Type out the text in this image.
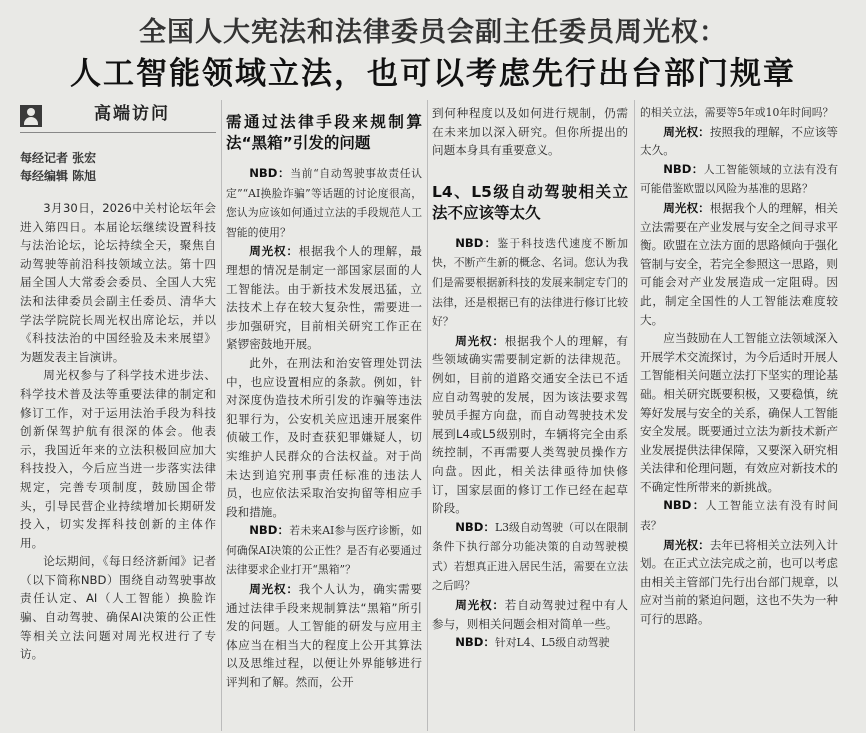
全国人大宪法和法律委员会副主任委员周光权：
人工智能领域立法，也可以考虑先行出台部门规章
高端访问
每经记者 张宏
每经编辑 陈旭

3月30日，2026中关村论坛年会进入第四日。本届论坛继续设置科技与法治论坛，论坛持续全天，聚焦自动驾驶等前沿科技领域立法。第十四届全国人大常委会委员、全国人大宪法和法律委员会副主任委员、清华大学法学院院长周光权出席论坛，并以《科技法治的中国经验及未来展望》为题发表主旨演讲。

周光权参与了科学技术进步法、科学技术普及法等重要法律的制定和修订工作，对于运用法治手段为科技创新保驾护航有很深的体会。他表示，我国近年来的立法积极回应加大科技投入，今后应当进一步落实法律规定，完善专项制度，鼓励国企带头，引导民营企业持续增加长期研发投入，切实发挥科技创新的主体作用。

论坛期间，《每日经济新闻》记者（以下简称NBD）围绕自动驾驶事故责任认定、AI（人工智能）换脸诈骗、自动驾驶、确保AI决策的公正性等相关立法问题对周光权进行了专访。

需通过法律手段来规制算法“黑箱”引发的问题

NBD：当前“自动驾驶事故责任认定”“AI换脸诈骗”等话题的讨论度很高，您认为应该如何通过立法的手段规范人工智能的使用？

周光权：根据我个人的理解，最理想的情况是制定一部国家层面的人工智能法。由于新技术发展迅猛，立法技术上存在较大复杂性，需要进一步加强研究，目前相关研究工作正在紧锣密鼓地开展。

此外，在刑法和治安管理处罚法中，也应设置相应的条款。例如，针对深度伪造技术所引发的诈骗等违法犯罪行为，公安机关应迅速开展案件侦破工作，及时查获犯罪嫌疑人，切实维护人民群众的合法权益。对于尚未达到追究刑事责任标准的违法人员，也应依法采取治安拘留等相应手段和措施。

NBD：若未来AI参与医疗诊断，如何确保AI决策的公正性？是否有必要通过法律要求企业打开“黑箱”？

周光权：我个人认为，确实需要通过法律手段来规制算法“黑箱”所引发的问题。人工智能的研发与应用主体应当在相当大的程度上公开其算法以及思维过程，以便让外界能够进行评判和了解。然而，公开

到何种程度以及如何进行规制，仍需在未来加以深入研究。但你所提出的问题本身具有重要意义。

L4、L5级自动驾驶相关立法不应该等太久

NBD：鉴于科技迭代速度不断加快，不断产生新的概念、名词。您认为我们是需要根据新科技的发展来制定专门的法律，还是根据已有的法律进行修订比较好？

周光权：根据我个人的理解，有些领域确实需要制定新的法律规范。例如，目前的道路交通安全法已不适应自动驾驶的发展，因为该法要求驾驶员手握方向盘，而自动驾驶技术发展到L4或L5级别时，车辆将完全由系统控制，不再需要人类驾驶员操作方向盘。因此，相关法律亟待加快修订，国家层面的修订工作已经在起草阶段。

NBD：L3级自动驾驶（可以在限制条件下执行部分功能决策的自动驾驶模式）若想真正进入居民生活，需要在立法之后吗？

周光权：若自动驾驶过程中有人参与，则相关问题会相对简单一些。

NBD：针对L4、L5级自动驾驶

的相关立法，需要等5年或10年时间吗？

周光权：按照我的理解，不应该等太久。

NBD：人工智能领域的立法有没有可能借鉴欧盟以风险为基准的思路？

周光权：根据我个人的理解，相关立法需要在产业发展与安全之间寻求平衡。欧盟在立法方面的思路倾向于强化管制与安全，若完全参照这一思路，则可能会对产业发展造成一定阻碍。因此，制定全国性的人工智能法难度较大。

应当鼓励在人工智能立法领域深入开展学术交流探讨，为今后适时开展人工智能相关问题立法打下坚实的理论基础。相关研究既要积极，又要稳慎，统筹好发展与安全的关系，确保人工智能安全发展。既要通过立法为新技术新产业发展提供法律保障，又要深入研究相关法律和伦理问题，有效应对新技术的不确定性所带来的新挑战。

NBD：人工智能立法有没有时间表？

周光权：去年已将相关立法列入计划。在正式立法完成之前，也可以考虑由相关主管部门先行出台部门规章，以应对当前的紧迫问题，这也不失为一种可行的思路。
